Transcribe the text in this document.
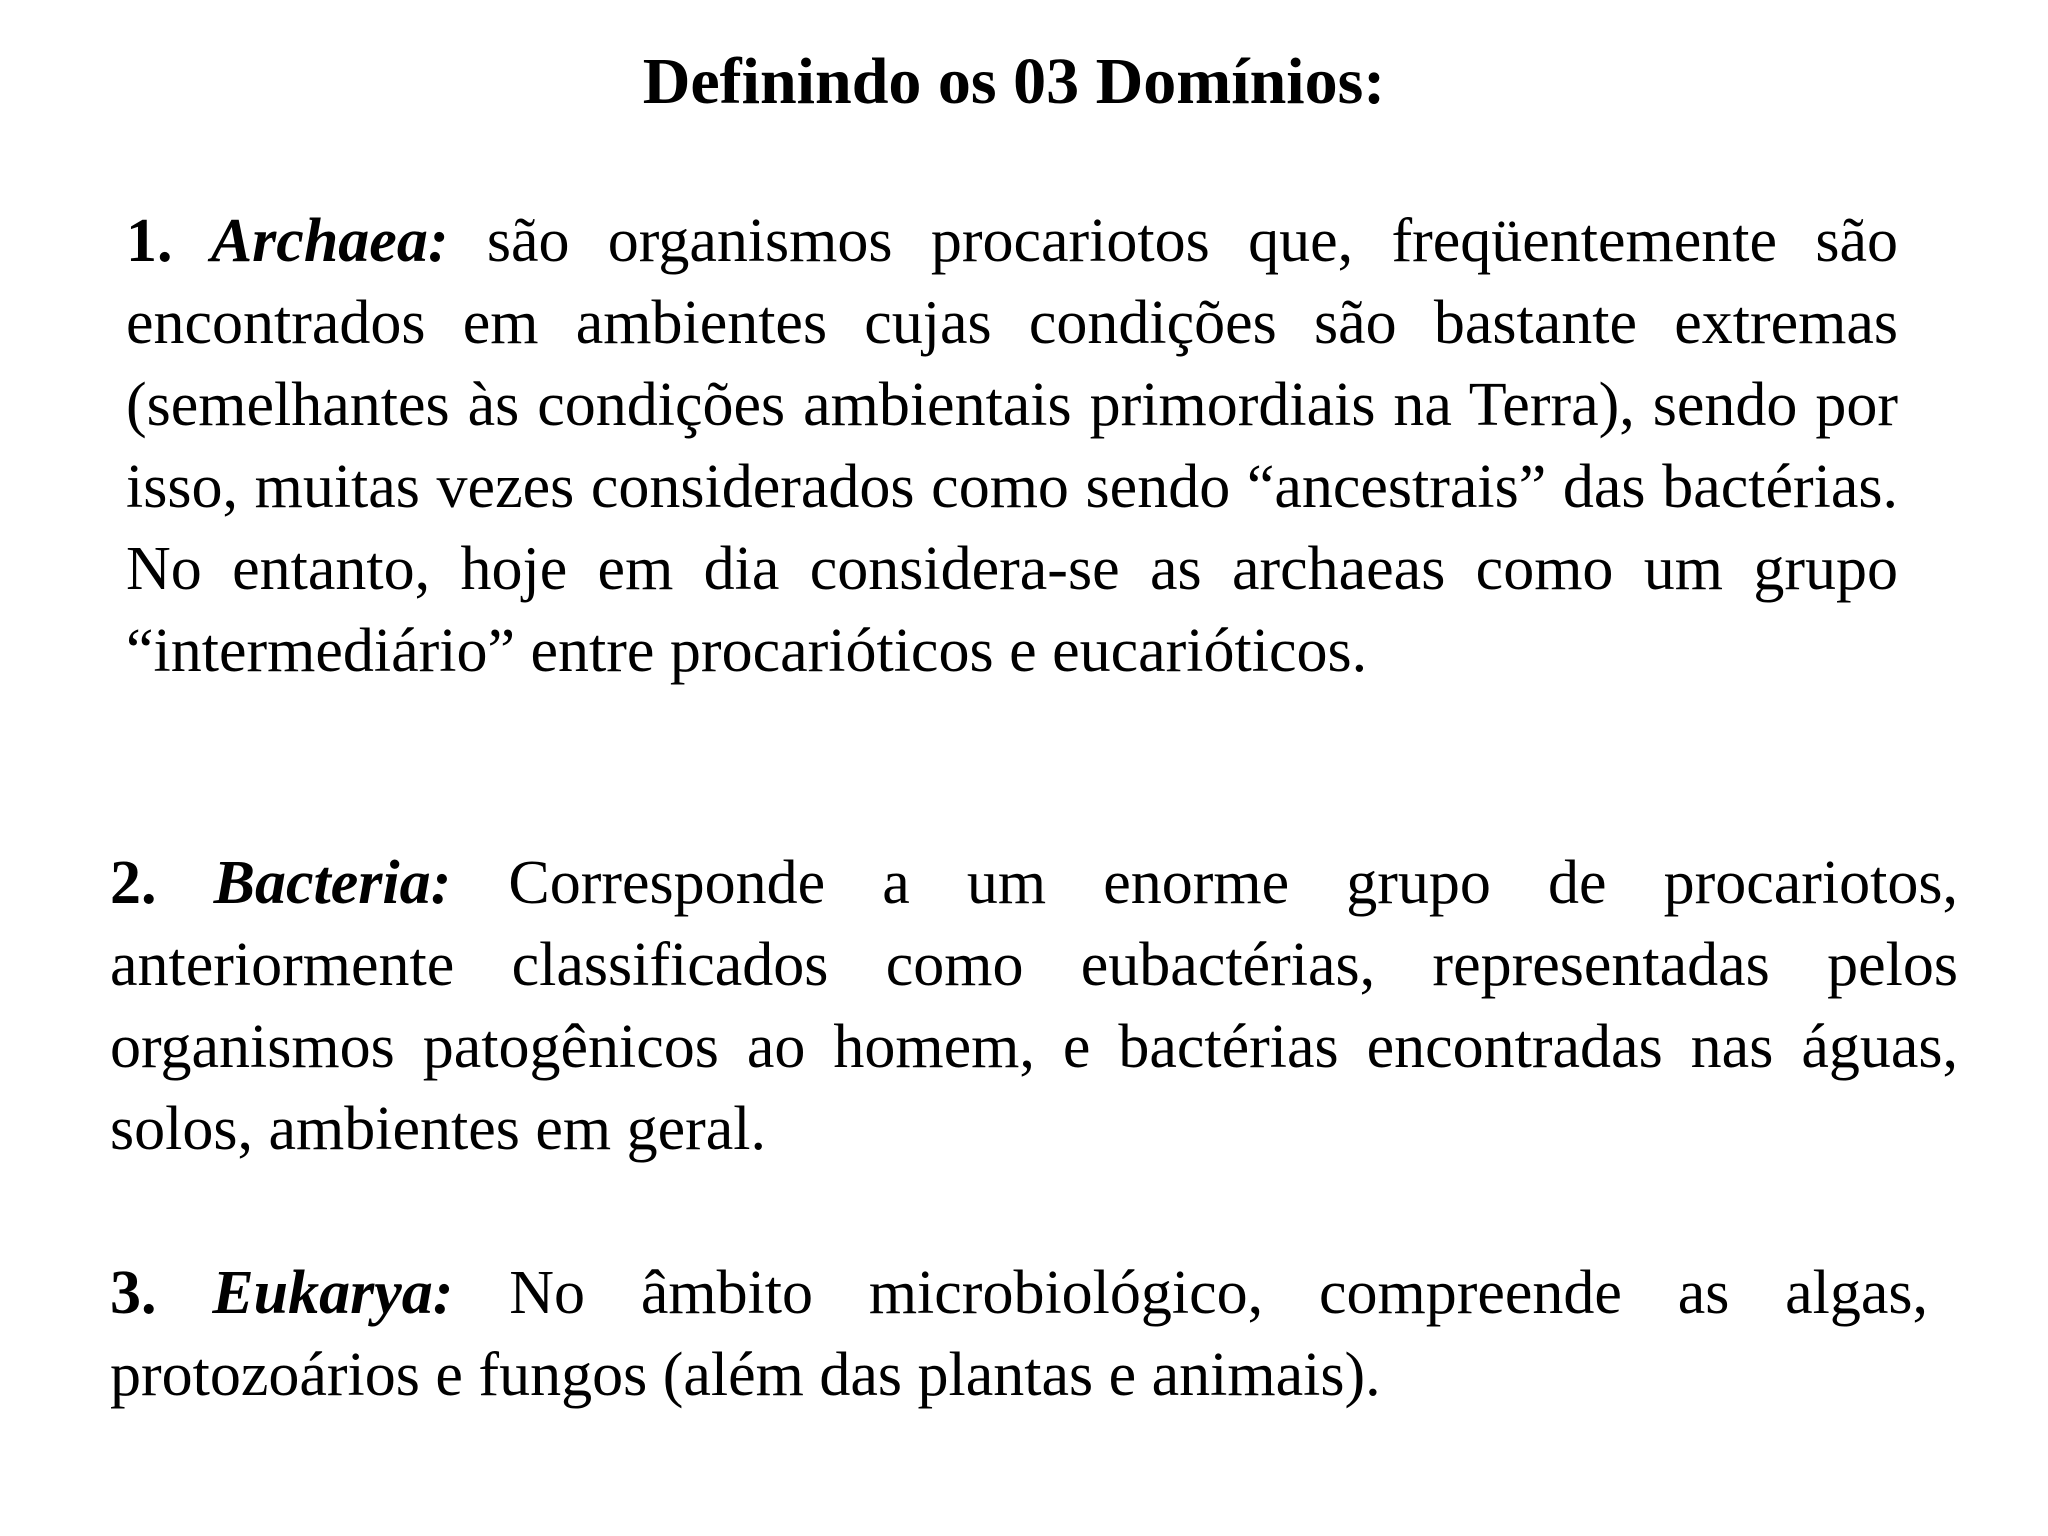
Definindo os 03 Domínios:

1. Archaea: são organismos procariotos que, freqüentemente são encontrados em ambientes cujas condições são bastante extremas (semelhantes às condições ambientais primordiais na Terra), sendo por isso, muitas vezes considerados como sendo “ancestrais” das bactérias. No entanto, hoje em dia considera-se as archaeas como um grupo “intermediário” entre procarióticos e eucarióticos.

2. Bacteria: Corresponde a um enorme grupo de procariotos, anteriormente classificados como eubactérias, representadas pelos organismos patogênicos ao homem, e bactérias encontradas nas águas, solos, ambientes em geral.

3. Eukarya: No âmbito microbiológico, compreende as algas, protozoários e fungos (além das plantas e animais).
